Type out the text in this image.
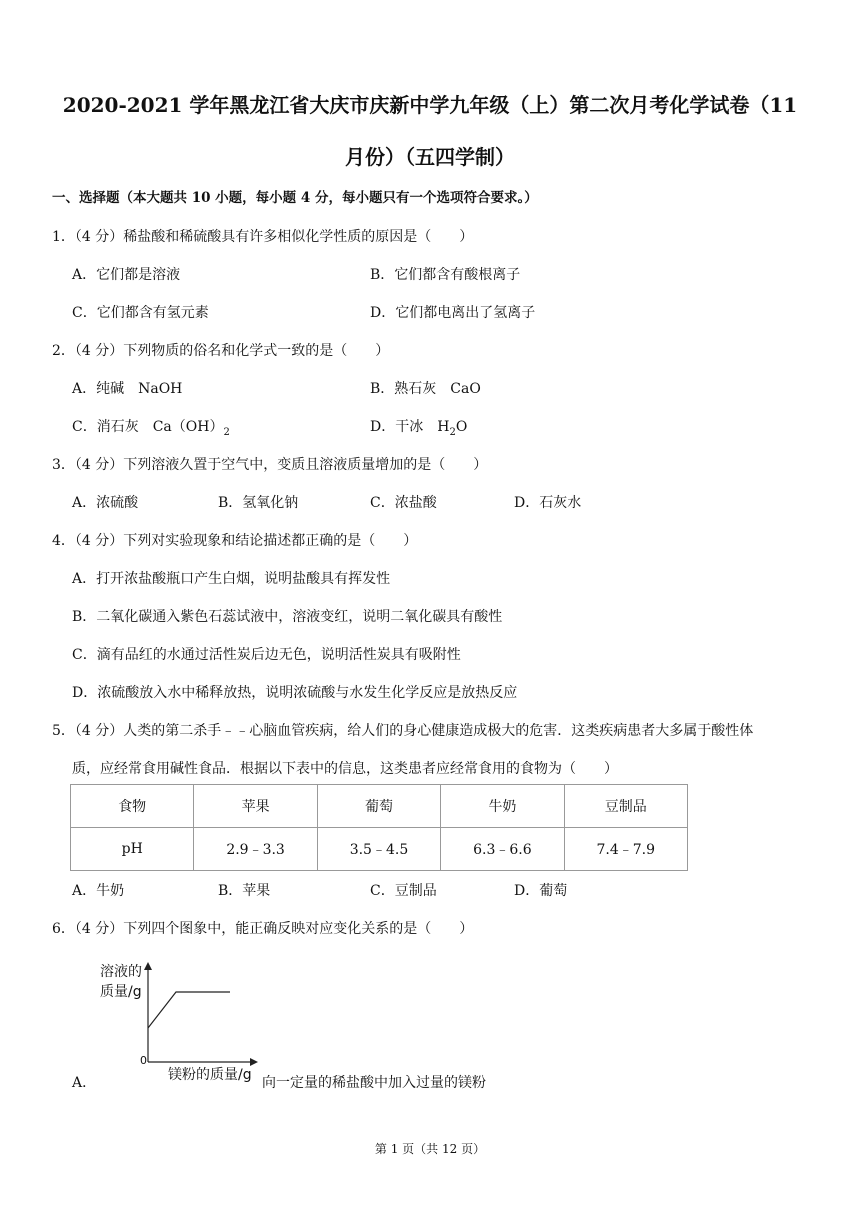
2020-2021 学年黑龙江省大庆市庆新中学九年级（上）第二次月考化学试卷（11
月份）（五四学制）
一、选择题（本大题共 10 小题，每小题 4 分，每小题只有一个选项符合要求。）
1．（4 分）稀盐酸和稀硫酸具有许多相似化学性质的原因是（　　）
A．它们都是溶液	B．它们都含有酸根离子
C．它们都含有氢元素	D．它们都电离出了氢离子
2．（4 分）下列物质的俗名和化学式一致的是（　　）
A．纯碱　NaOH	B．熟石灰　CaO
C．消石灰　$Ca(OH)_2$	D．干冰　$H_2O$
3．（4 分）下列溶液久置于空气中，变质且溶液质量增加的是（　　）
A．浓硫酸	B．氢氧化钠	C．浓盐酸	D．石灰水
4．（4 分）下列对实验现象和结论描述都正确的是（　　）
A．打开浓盐酸瓶口产生白烟，说明盐酸具有挥发性
B．二氧化碳通入紫色石蕊试液中，溶液变红，说明二氧化碳具有酸性
C．滴有品红的水通过活性炭后边无色，说明活性炭具有吸附性
D．浓硫酸放入水中稀释放热，说明浓硫酸与水发生化学反应是放热反应
5．（4 分）人类的第二杀手﹣﹣心脑血管疾病，给人们的身心健康造成极大的危害．这类疾病患者大多属于酸性体
质，应经常食用碱性食品．根据以下表中的信息，这类患者应经常食用的食物为（　　）
食物	苹果	葡萄	牛奶	豆制品
pH	2.9﹣3.3	3.5﹣4.5	6.3﹣6.6	7.4﹣7.9
A．牛奶	B．苹果	C．豆制品	D．葡萄
6．（4 分）下列四个图象中，能正确反映对应变化关系的是（　　）
溶液的
质量/g
0
镁粉的质量/g
A．	向一定量的稀盐酸中加入过量的镁粉
第 1 页（共 12 页）
